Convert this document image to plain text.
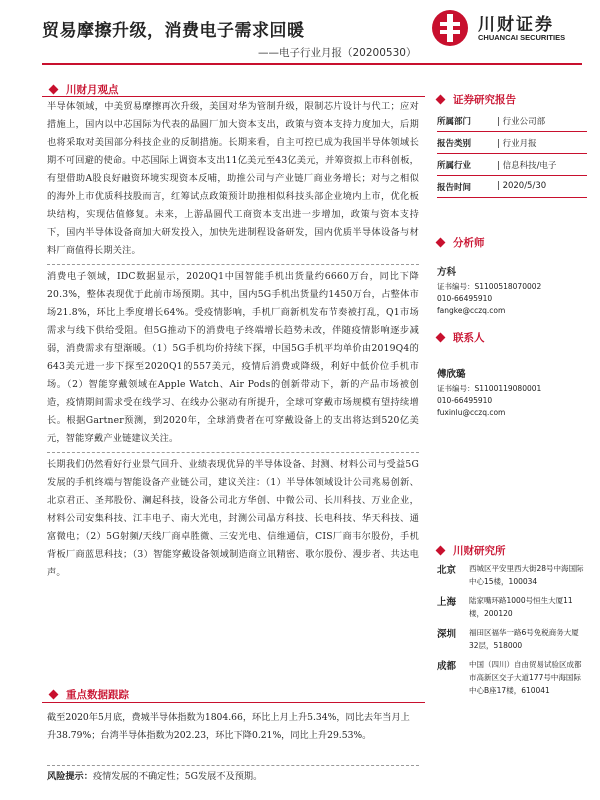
贸易摩擦升级，消费电子需求回暖
——电子行业月报（20200530）
川财证券
CHUANCAI SECURITIES
川财月观点

半导体领域，中美贸易摩擦再次升级，美国对华为管制升级，限制芯片设计与代工；应对措施上，国内以中芯国际为代表的晶圆厂加大资本支出，政策与资本支持力度加大，后期也将采取对美国部分科技企业的反制措施。长期来看，自主可控已成为我国半导体领域长期不可回避的使命。中芯国际上调资本支出11亿美元至43亿美元，并筹资拟上市科创板，有望借助A股良好融资环境实现资本反哺，助推公司与产业链厂商业务增长；对与之相似的海外上市优质科技股而言，红筹试点政策预计助推相似科技头部企业境内上市，优化板块结构，实现估值修复。未来，上游晶圆代工商资本支出进一步增加，政策与资本支持下，国内半导体设备商加大研发投入，加快先进制程设备研发，国内优质半导体设备与材料厂商值得长期关注。

消费电子领域，IDC数据显示，2020Q1中国智能手机出货量约6660万台，同比下降20.3%，整体表现优于此前市场预期。其中，国内5G手机出货量约1450万台，占整体市场21.8%，环比上季度增长64%。受疫情影响，手机厂商新机发布节奏被打乱，Q1市场需求与线下供给受阻。但5G推动下的消费电子终端增长趋势未改，伴随疫情影响逐步减弱，消费需求有望渐暖。（1）5G手机均价持续下探，中国5G手机平均单价由2019Q4的643美元进一步下探至2020Q1的557美元，疫情后消费或降级，利好中低价位手机市场。（2）智能穿戴领域在Apple Watch、Air Pods的创新带动下，新的产品市场被创造，疫情期间需求受在线学习、在线办公驱动有所提升，全球可穿戴市场规模有望持续增长。根据Gartner预测，到2020年，全球消费者在可穿戴设备上的支出将达到520亿美元，智能穿戴产业链建议关注。

长期我们仍然看好行业景气回升、业绩表现优异的半导体设备、封测、材料公司与受益5G发展的手机终端与智能设备产业链公司，建议关注：（1）半导体领域设计公司兆易创新、北京君正、圣邦股份、澜起科技，设备公司北方华创、中微公司、长川科技、万业企业，材料公司安集科技、江丰电子、南大光电，封测公司晶方科技、长电科技、华天科技、通富微电；（2）5G射频/天线厂商卓胜微、三安光电、信维通信，CIS厂商韦尔股份，手机背板厂商蓝思科技；（3）智能穿戴设备领域制造商立讯精密、歌尔股份、漫步者、共达电声。

重点数据跟踪
截至2020年5月底，费城半导体指数为1804.66，环比上月上升5.34%，同比去年当月上升38.79%；台湾半导体指数为202.23，环比下降0.21%，同比上升29.53%。
风险提示：疫情发展的不确定性；5G发展不及预期。
证券研究报告
所属部门	| 行业公司部
报告类别	| 行业月报
所属行业	| 信息科技/电子
报告时间	| 2020/5/30
分析师
方科
证书编号：S1100518070002
010-66495910
fangke@cczq.com
联系人
傅欣璐
证书编号：S1100119080001
010-66495910
fuxinlu@cczq.com
川财研究所
北京	西城区平安里西大街28号中海国际中心15楼，100034
上海	陆家嘴环路1000号恒生大厦11楼，200120
深圳	福田区福华一路6号免税商务大厦32层，518000
成都	中国（四川）自由贸易试验区成都市高新区交子大道177号中海国际中心B座17楼，610041
